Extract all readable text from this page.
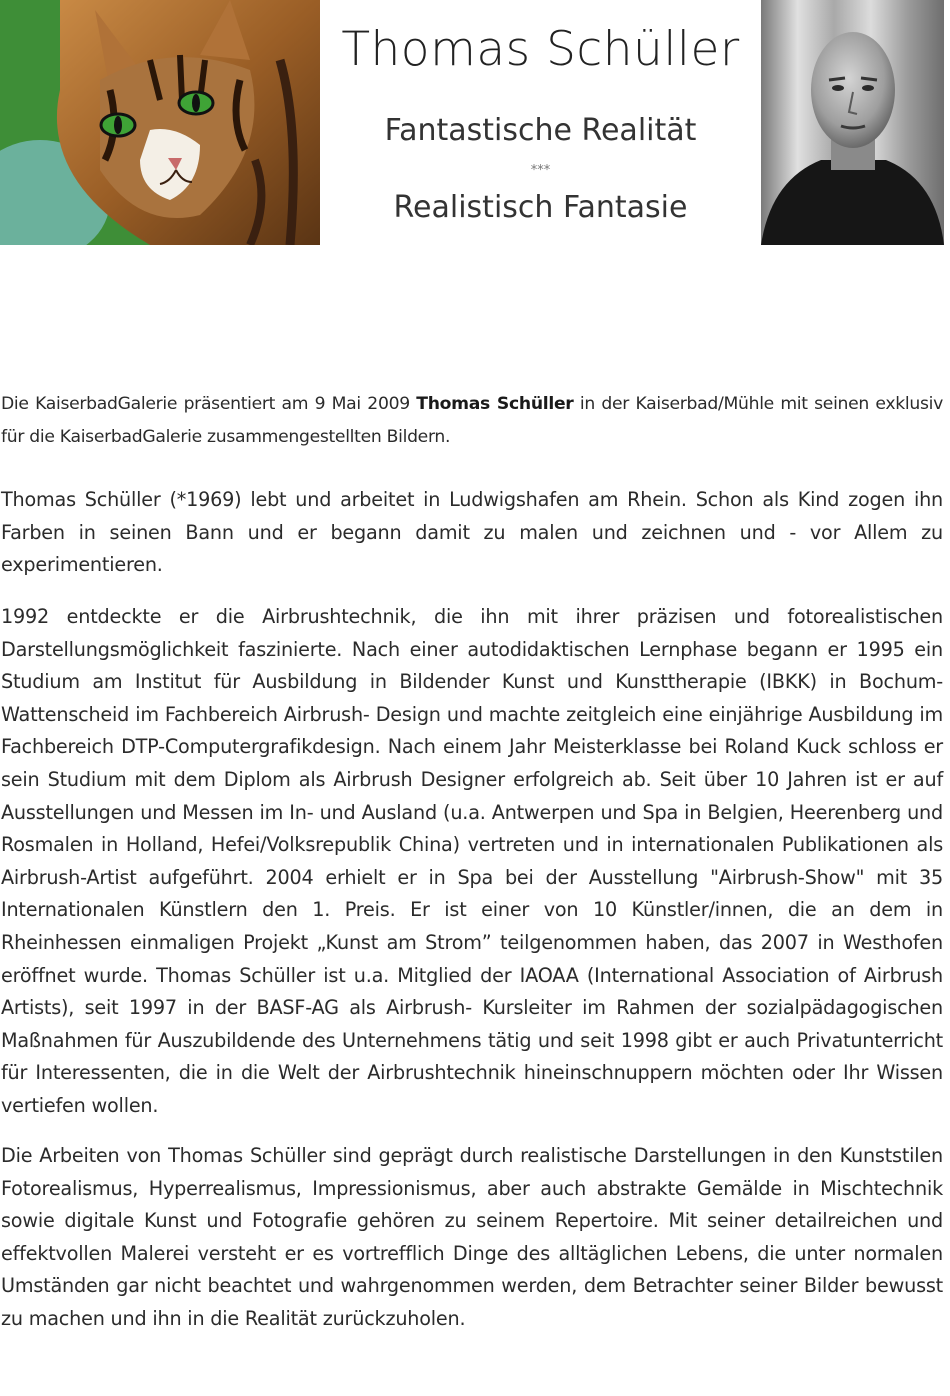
Thomas Schüller
Fantastische Realität
***
Realistisch Fantasie

Die KaiserbadGalerie präsentiert am 9 Mai 2009 Thomas Schüller in der Kaiserbad/Mühle mit seinen exklusiv für die KaiserbadGalerie zusammengestellten Bildern.

Thomas Schüller (*1969) lebt und arbeitet in Ludwigshafen am Rhein. Schon als Kind zogen ihn Farben in seinen Bann und er begann damit zu malen und zeichnen und - vor Allem zu experimentieren.

1992 entdeckte er die Airbrushtechnik, die ihn mit ihrer präzisen und fotorealistischen Darstellungsmöglichkeit faszinierte. Nach einer autodidaktischen Lernphase begann er 1995 ein Studium am Institut für Ausbildung in Bildender Kunst und Kunsttherapie (IBKK) in Bochum-Wattenscheid im Fachbereich Airbrush- Design und machte zeitgleich eine einjährige Ausbildung im Fachbereich DTP-Computergrafikdesign. Nach einem Jahr Meisterklasse bei Roland Kuck schloss er sein Studium mit dem Diplom als Airbrush Designer erfolgreich ab. Seit über 10 Jahren ist er auf Ausstellungen und Messen im In- und Ausland (u.a. Antwerpen und Spa in Belgien, Heerenberg und Rosmalen in Holland, Hefei/Volksrepublik China) vertreten und in internationalen Publikationen als Airbrush-Artist aufgeführt. 2004 erhielt er in Spa bei der Ausstellung "Airbrush-Show" mit 35 Internationalen Künstlern den 1. Preis. Er ist einer von 10 Künstler/innen, die an dem in Rheinhessen einmaligen Projekt „Kunst am Strom” teilgenommen haben, das 2007 in Westhofen eröffnet wurde. Thomas Schüller ist u.a. Mitglied der IAOAA (International Association of Airbrush Artists), seit 1997 in der BASF-AG als Airbrush- Kursleiter im Rahmen der sozialpädagogischen Maßnahmen für Auszubildende des Unternehmens tätig und seit 1998 gibt er auch Privatunterricht für Interessenten, die in die Welt der Airbrushtechnik hineinschnuppern möchten oder Ihr Wissen vertiefen wollen.

Die Arbeiten von Thomas Schüller sind geprägt durch realistische Darstellungen in den Kunststilen Fotorealismus, Hyperrealismus, Impressionismus, aber auch abstrakte Gemälde in Mischtechnik sowie digitale Kunst und Fotografie gehören zu seinem Repertoire. Mit seiner detailreichen und effektvollen Malerei versteht er es vortrefflich Dinge des alltäglichen Lebens, die unter normalen Umständen gar nicht beachtet und wahrgenommen werden, dem Betrachter seiner Bilder bewusst zu machen und ihn in die Realität zurückzuholen.
